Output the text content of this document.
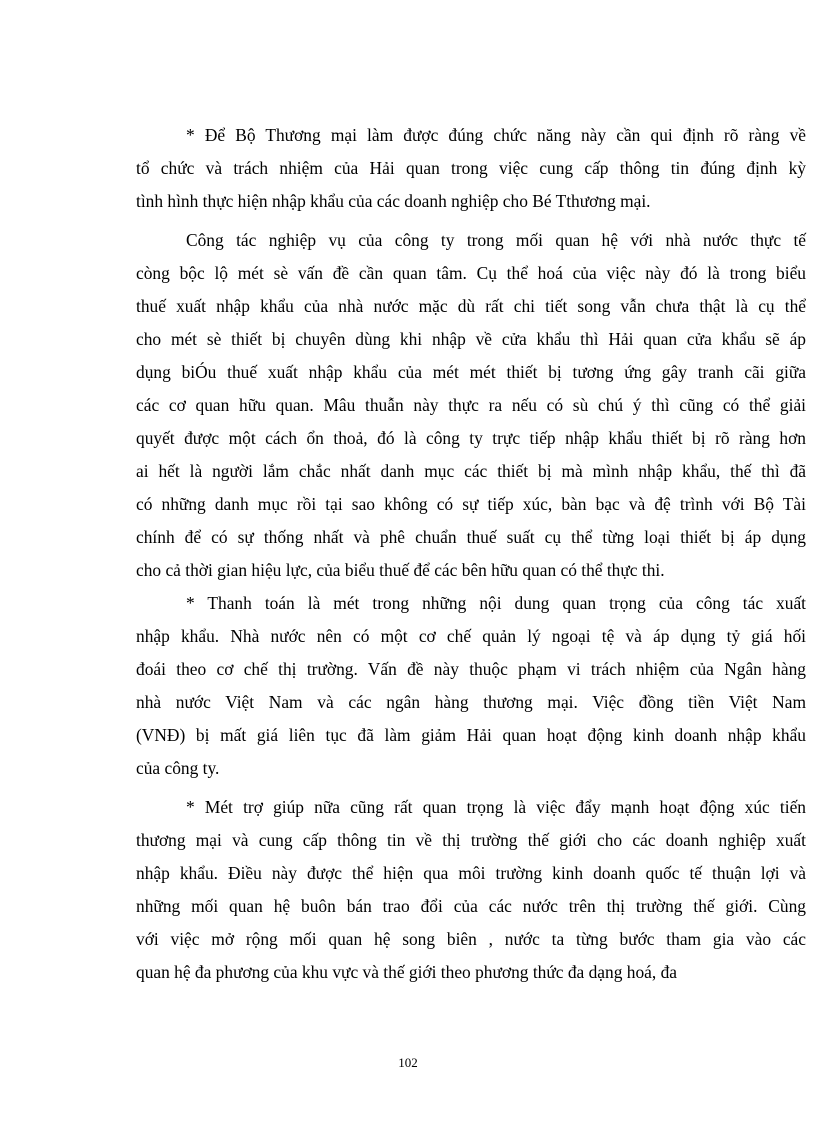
* Để Bộ Thương mại làm được đúng chức năng này cần qui định rõ ràng về
tổ chức và trách nhiệm của Hải quan trong việc cung cấp thông tin đúng định kỳ
tình hình thực hiện nhập khẩu của các doanh nghiệp cho Bé Tthương mại.
Công tác nghiệp vụ của công ty trong mối quan hệ với nhà nước thực tế
còng bộc lộ mét sè vấn đề cần quan tâm. Cụ thể hoá của việc này đó là trong biểu
thuế xuất nhập khẩu của nhà nước mặc dù rất chi tiết song vẫn chưa thật là cụ thể
cho mét sè thiết bị chuyên dùng khi nhập về cửa khẩu thì Hải quan cửa khẩu sẽ áp
dụng biÓu thuế xuất nhập khẩu của mét mét thiết bị tương ứng gây tranh cãi giữa
các cơ quan hữu quan. Mâu thuẫn này thực ra nếu có sù chú ý thì cũng có thể giải
quyết được một cách ổn thoả, đó là công ty trực tiếp nhập khẩu thiết bị rõ ràng hơn
ai hết là người lắm chắc nhất danh mục các thiết bị mà mình nhập khẩu, thế thì đã
có những danh mục rồi tại sao không có sự tiếp xúc, bàn bạc và đệ trình với Bộ Tài
chính để có sự thống nhất và phê chuẩn thuế suất cụ thể từng loại thiết bị áp dụng
cho cả thời gian hiệu lực, của biểu thuế để các bên hữu quan có thể thực thi.
* Thanh toán là mét trong những nội dung quan trọng của công tác xuất
nhập khẩu. Nhà nước nên có một cơ chế quản lý ngoại tệ và áp dụng tỷ giá hối
đoái theo cơ chế thị trường. Vấn đề này thuộc phạm vi trách nhiệm của Ngân hàng
nhà nước Việt Nam và các ngân hàng thương mại. Việc đồng tiền Việt Nam
(VNĐ) bị mất giá liên tục đã làm giảm Hải quan hoạt động kinh doanh nhập khẩu
của công ty.
* Mét trợ giúp nữa cũng rất quan trọng là việc đẩy mạnh hoạt động xúc tiến
thương mại và cung cấp thông tin về thị trường thế giới cho các doanh nghiệp xuất
nhập khẩu. Điều này được thể hiện qua môi trường kinh doanh quốc tế thuận lợi và
những mối quan hệ buôn bán trao đổi của các nước trên thị trường thế giới. Cùng
với việc mở rộng mối quan hệ song biên , nước ta từng bước tham gia vào các
quan hệ đa phương của khu vực và thế giới theo phương thức đa dạng hoá, đa
102
